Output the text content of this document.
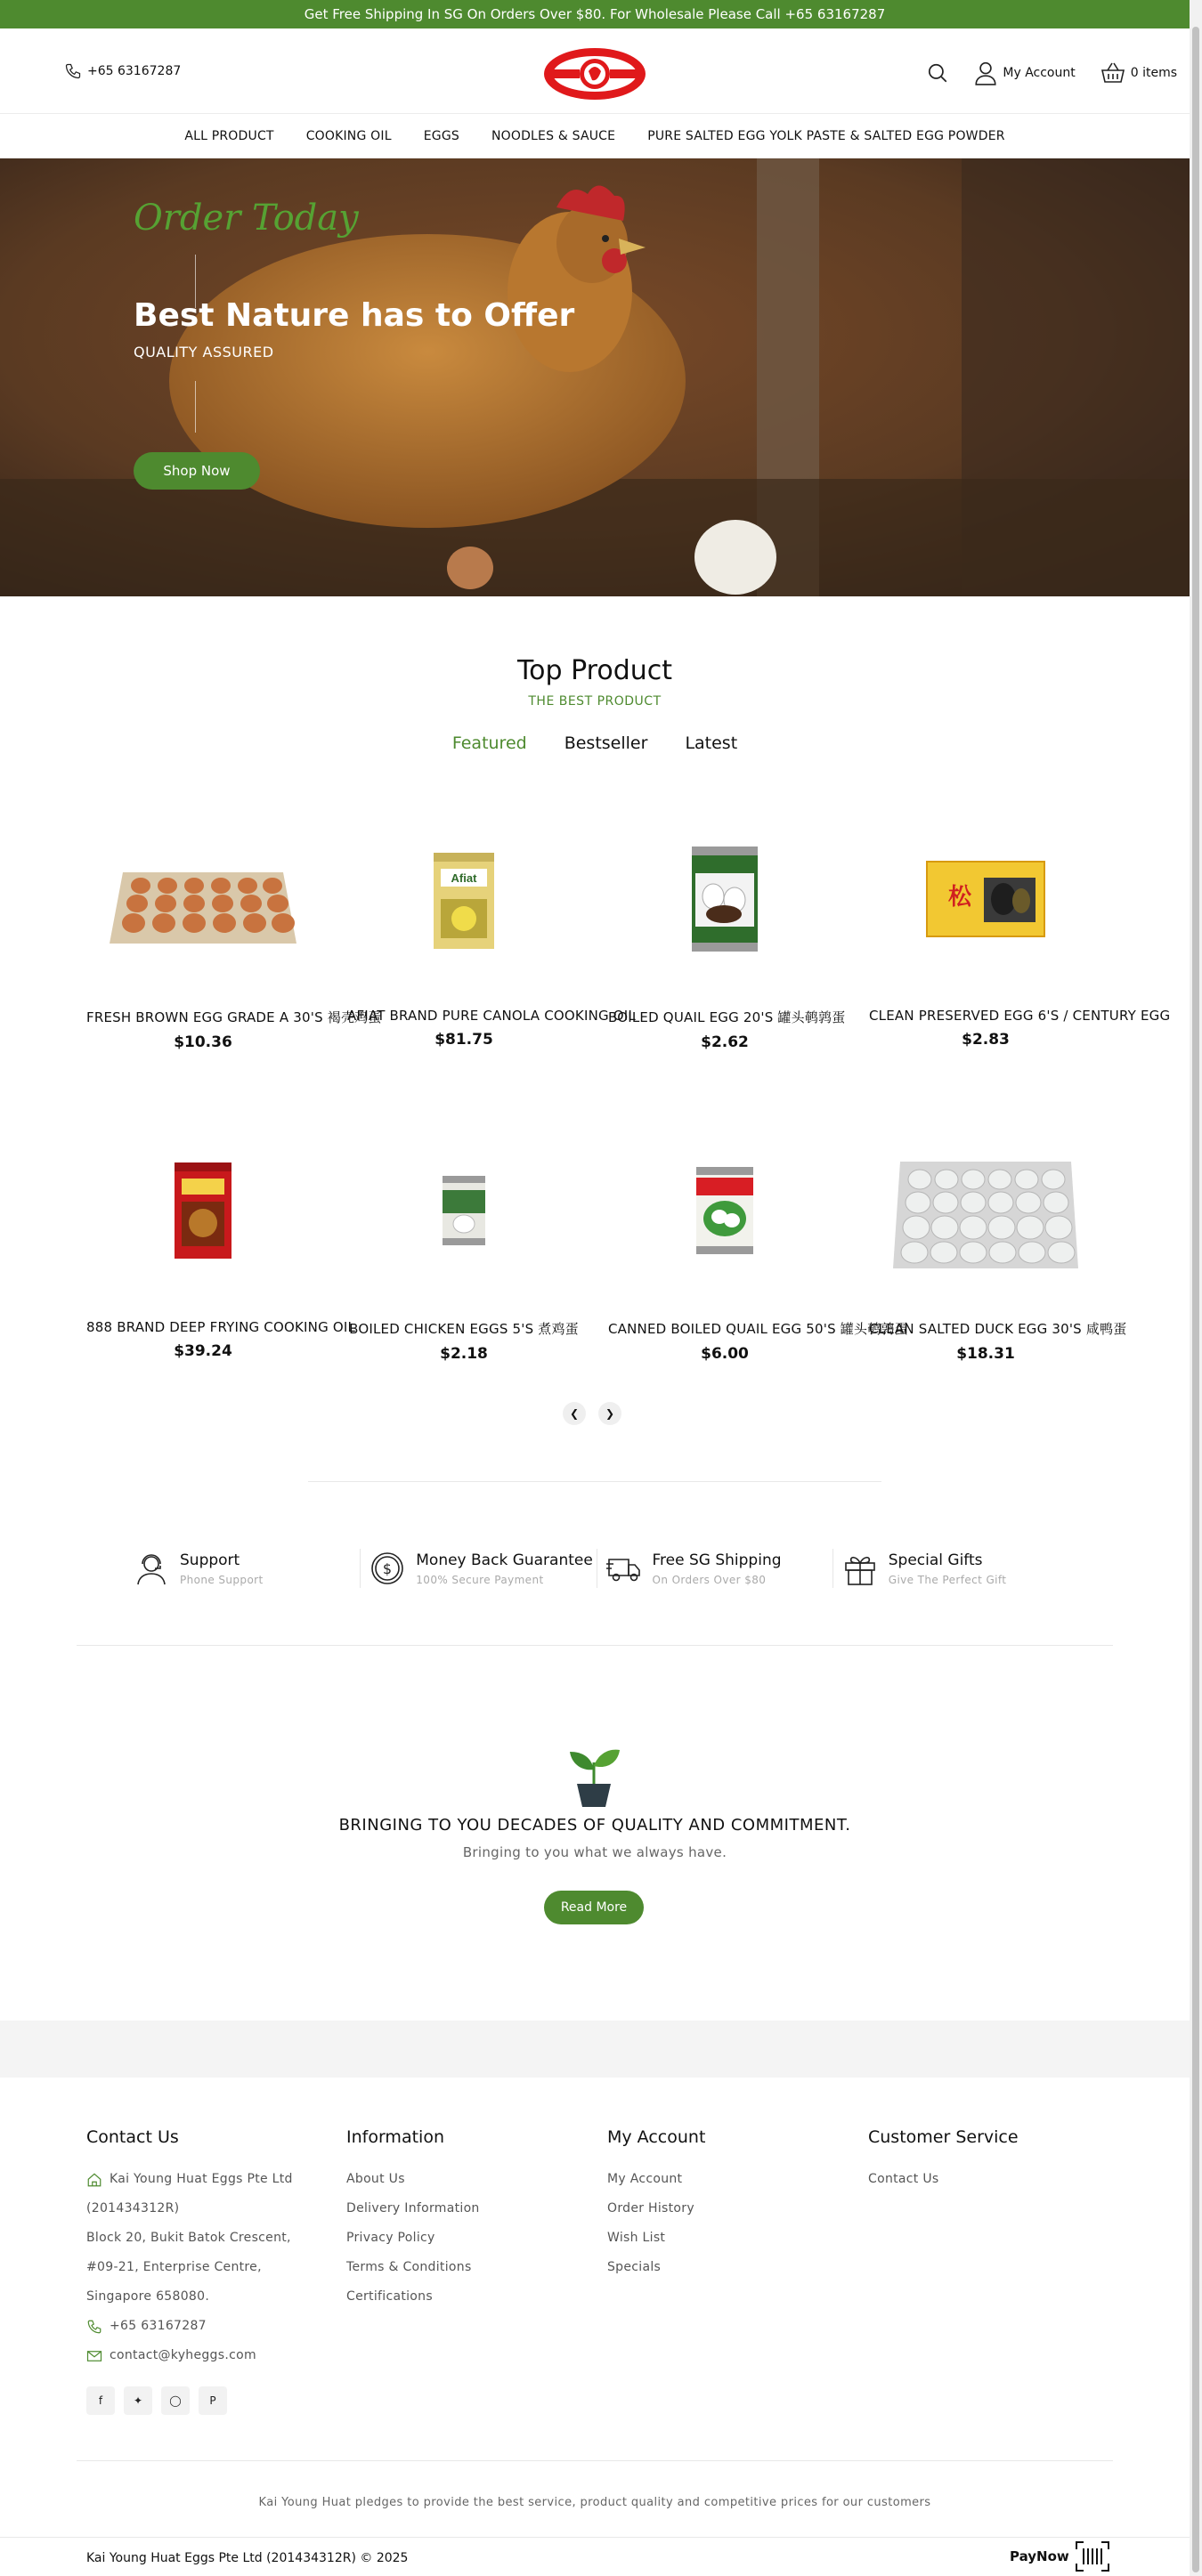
Get Free Shipping In SG On Orders Over $80. For Wholesale Please Call +65 63167287
+65 63167287	My Account	0 items
ALL PRODUCT	COOKING OIL	EGGS	NOODLES & SAUCE	PURE SALTED EGG YOLK PASTE & SALTED EGG POWDER
Order Today
Best Nature has to Offer
QUALITY ASSURED
Shop Now
Top Product
THE BEST PRODUCT
Featured Bestseller Latest
FRESH BROWN EGG GRADE A 30'S 褐壳鸡蛋
$10.36
Afiat
AFIAT BRAND PURE CANOLA COOKING OIL
$81.75
BOILED QUAIL EGG 20'S 罐头鹌鹑蛋
$2.62
松
CLEAN PRESERVED EGG 6'S / CENTURY EGG
$2.83
888 BRAND DEEP FRYING COOKING OIL
$39.24
BOILED CHICKEN EGGS 5'S 煮鸡蛋
$2.18
CANNED BOILED QUAIL EGG 50'S 罐头鹌鹑蛋
$6.00
CLEAN SALTED DUCK EGG 30'S 咸鸭蛋
$18.31
❮	❯
Support
Phone Support
$ Money Back Guarantee
100% Secure Payment
Free SG Shipping
On Orders Over $80
Special Gifts
Give The Perfect Gift
BRINGING TO YOU DECADES OF QUALITY AND COMMITMENT.
Bringing to you what we always have.
Read More
Contact Us
Kai Young Huat Eggs Pte Ltd
(201434312R)
Block 20, Bukit Batok Crescent,
#09-21, Enterprise Centre,
Singapore 658080.
+65 63167287
contact@kyheggs.com
f	✦	◯	P
Information
About Us
Delivery Information
Privacy Policy
Terms & Conditions
Certifications
My Account
My Account
Order History
Wish List
Specials
Customer Service
Contact Us
Kai Young Huat pledges to provide the best service, product quality and competitive prices for our customers
Kai Young Huat Eggs Pte Ltd (201434312R) © 2025	PayNow
